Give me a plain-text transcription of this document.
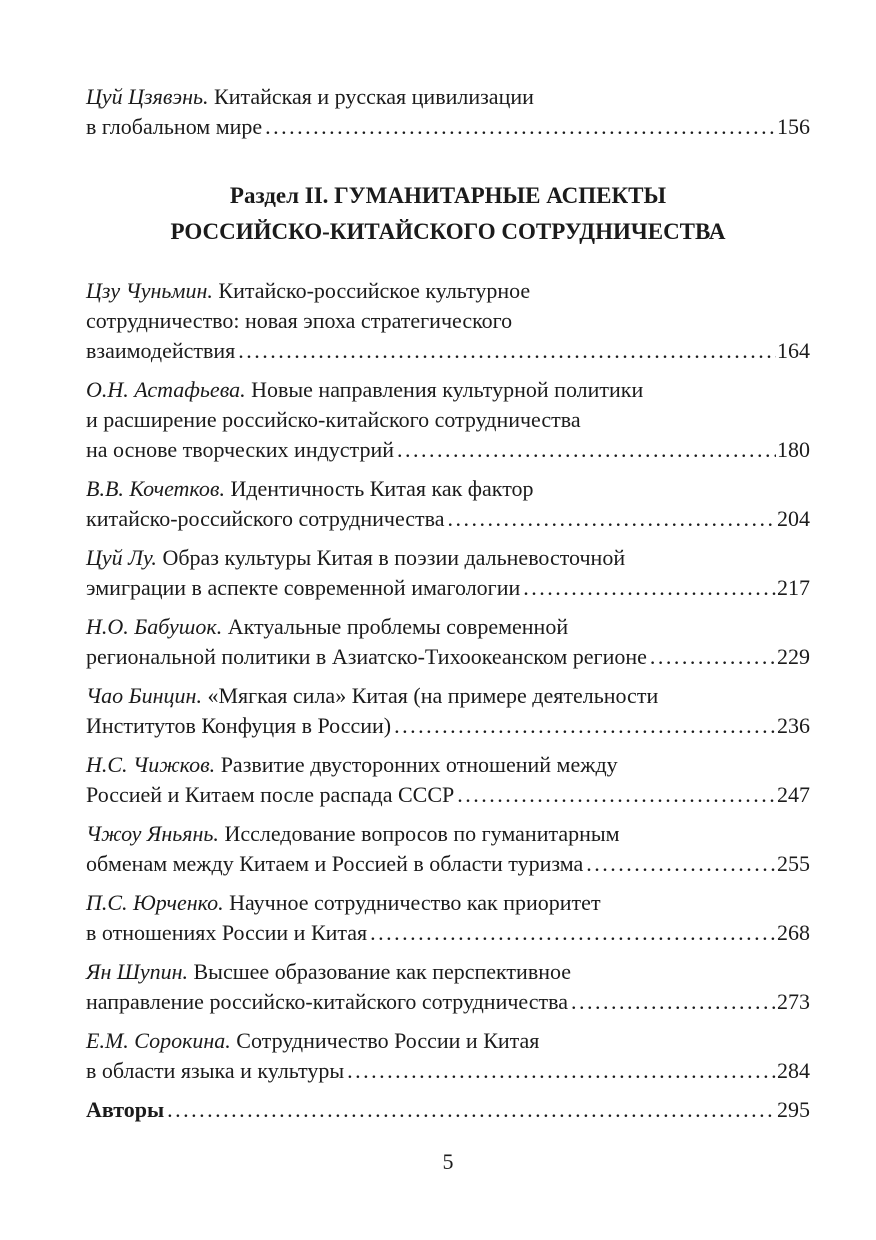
Цуй Цзявэнь. Китайская и русская цивилизации
в глобальном мире .....	156
Раздел II. ГУМАНИТАРНЫЕ АСПЕКТЫ
РОССИЙСКО-КИТАЙСКОГО СОТРУДНИЧЕСТВА
Цзу Чуньмин. Китайско-российское культурное
сотрудничество: новая эпоха стратегического
взаимодействия .....	164
О.Н. Астафьева. Новые направления культурной политики
и расширение российско-китайского сотрудничества
на основе творческих индустрий .....	180
В.В. Кочетков. Идентичность Китая как фактор
китайско-российского сотрудничества .....	204
Цуй Лу. Образ культуры Китая в поэзии дальневосточной
эмиграции в аспекте современной имагологии .....	217
Н.О. Бабушок. Актуальные проблемы современной
региональной политики в Азиатско-Тихоокеанском регионе .....	229
Чао Бинцин. «Мягкая сила» Китая (на примере деятельности
Институтов Конфуция в России) .....	236
Н.С. Чижков. Развитие двусторонних отношений между
Россией и Китаем после распада СССР .....	247
Чжоу Яньянь. Исследование вопросов по гуманитарным
обменам между Китаем и Россией в области туризма .....	255
П.С. Юрченко. Научное сотрудничество как приоритет
в отношениях России и Китая .....	268
Ян Шупин. Высшее образование как перспективное
направление российско-китайского сотрудничества .....	273
Е.М. Сорокина. Сотрудничество России и Китая
в области языка и культуры .....	284
Авторы .....	295
5
